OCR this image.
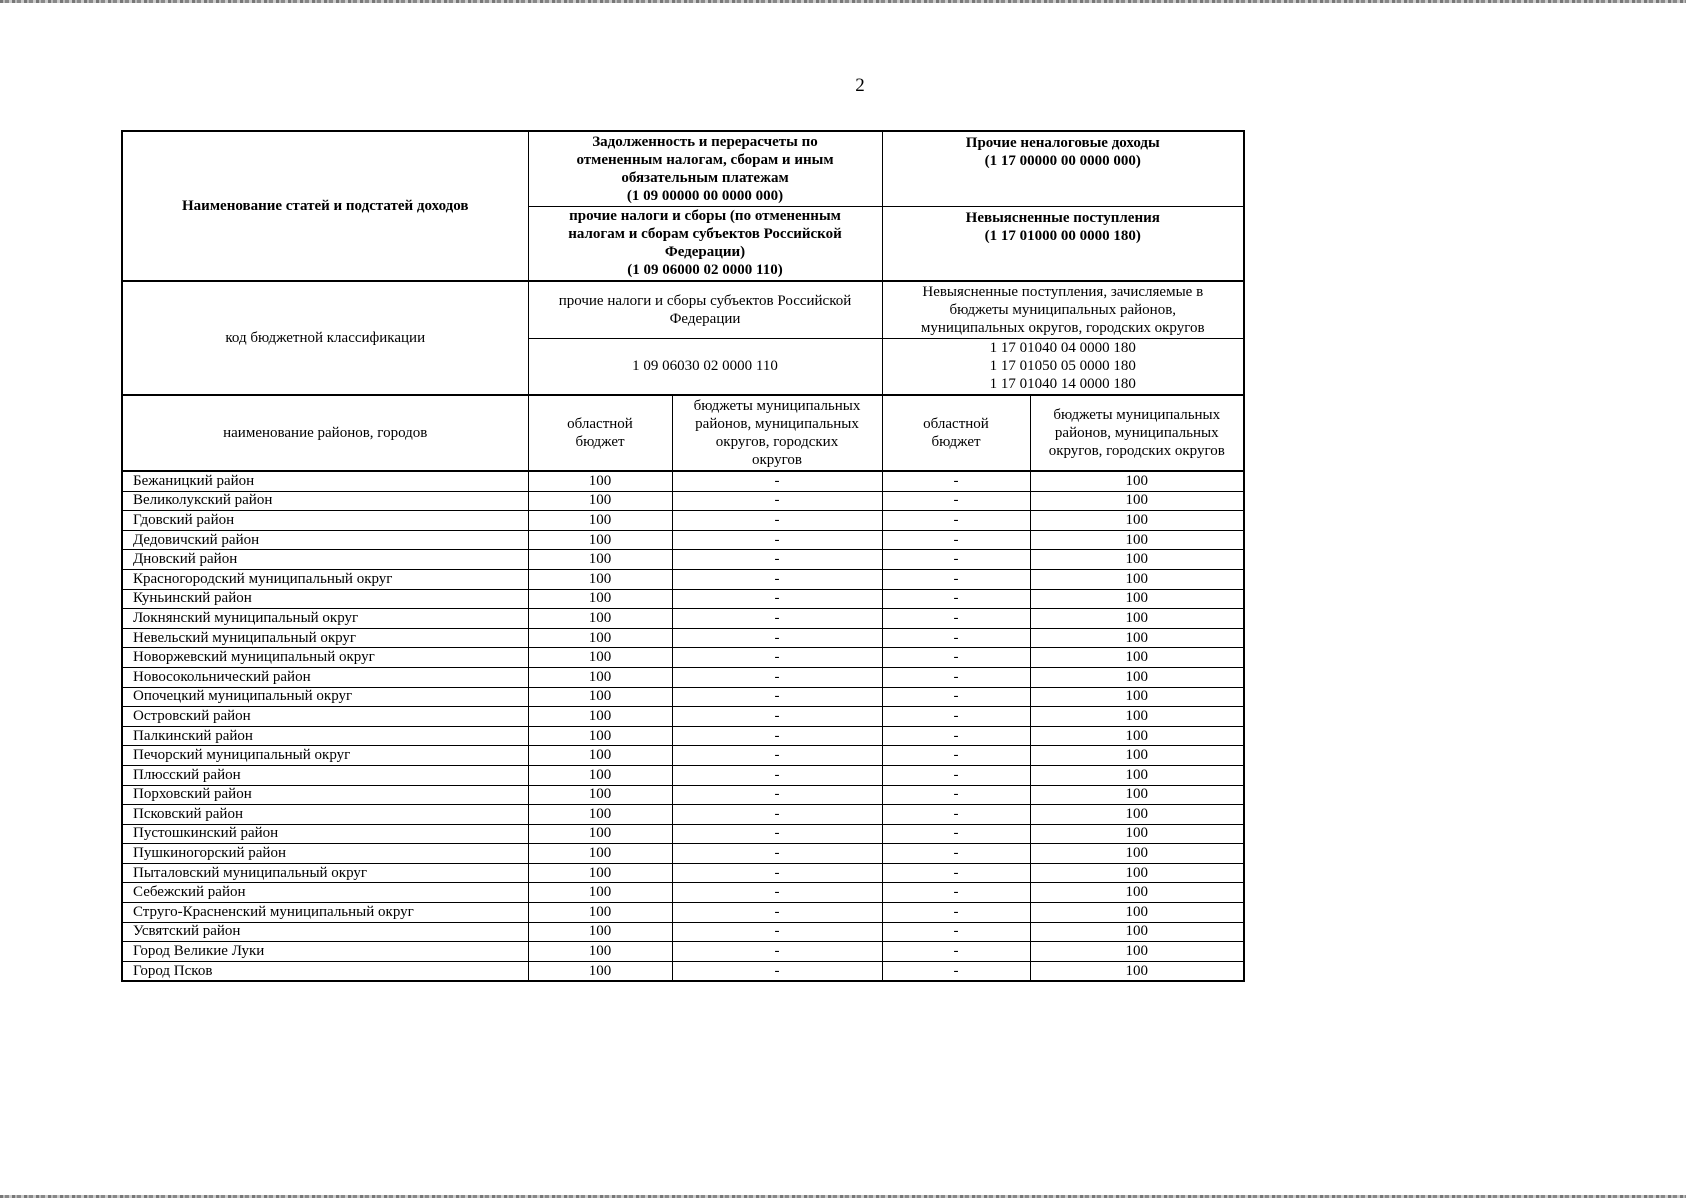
2
Наименование статей и подстатей доходов	Задолженность и перерасчеты по
отмененным налогам, сборам и иным
обязательным платежам
(1 09 00000 00 0000 000)		Прочие неналоговые доходы
(1 17 00000 00 0000 000)	

	прочие налоги и сборы (по отмененным
налогам и сборам субъектов Российской
Федерации)
(1 09 06000 02 0000 110)		Невыясненные поступления
(1 17 01000 00 0000 180)	

код бюджетной классификации	прочие налоги и сборы субъектов Российской
Федерации		Невыясненные поступления, зачисляемые в
бюджеты муниципальных районов,
муниципальных округов, городских округов	

	1 09 06030 02 0000 110		1 17 01040 04 0000 180
1 17 01050 05 0000 180
1 17 01040 14 0000 180	

наименование районов, городов	областной
бюджет	бюджеты муниципальных
районов, муниципальных
округов, городских
округов	областной
бюджет	бюджеты муниципальных
районов, муниципальных
округов, городских округов

Бежаницкий район	100	-	-	100
Великолукский район	100	-	-	100
Гдовский район	100	-	-	100
Дедовичский район	100	-	-	100
Дновский район	100	-	-	100
Красногородский муниципальный округ	100	-	-	100
Куньинский район	100	-	-	100
Локнянский муниципальный округ	100	-	-	100
Невельский муниципальный округ	100	-	-	100
Новоржевский муниципальный округ	100	-	-	100
Новосокольнический район	100	-	-	100
Опочецкий муниципальный округ	100	-	-	100
Островский район	100	-	-	100
Палкинский район	100	-	-	100
Печорский муниципальный округ	100	-	-	100
Плюсский район	100	-	-	100
Порховский район	100	-	-	100
Псковский район	100	-	-	100
Пустошкинский район	100	-	-	100
Пушкиногорский район	100	-	-	100
Пыталовский муниципальный округ	100	-	-	100
Себежский район	100	-	-	100
Струго-Красненский муниципальный округ	100	-	-	100
Усвятский район	100	-	-	100
Город Великие Луки	100	-	-	100
Город Псков	100	-	-	100
